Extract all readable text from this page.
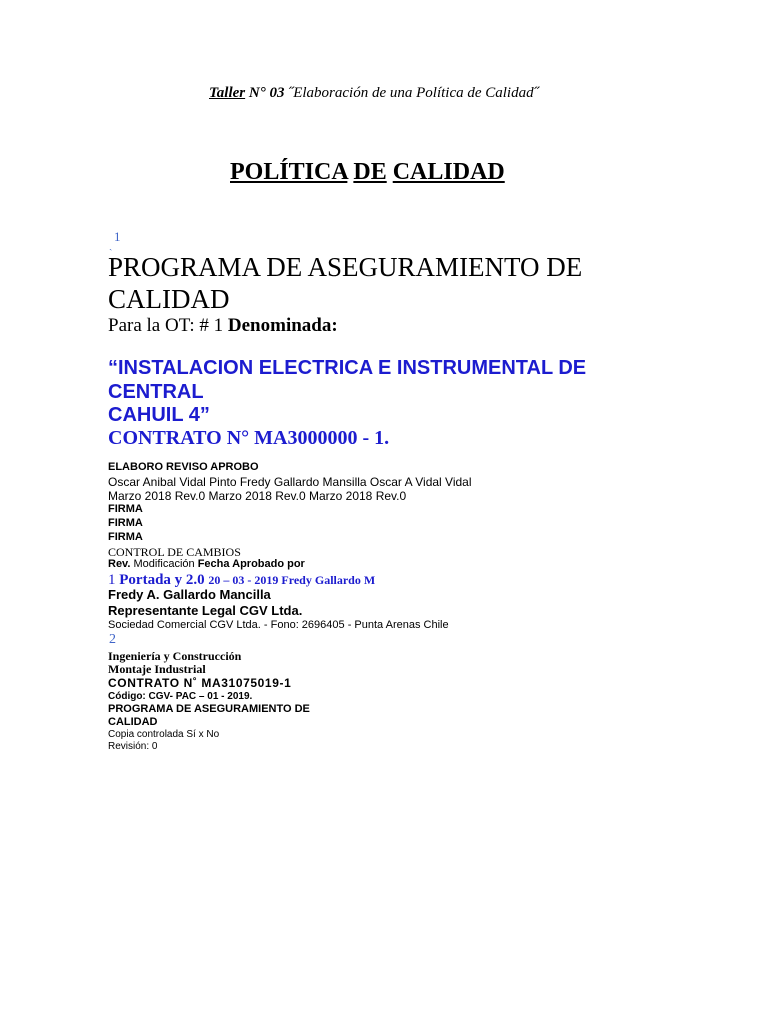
Taller N° 03 ˝Elaboración de una Política de Calidad˝
POLÍTICA DE CALIDAD
1
ˎ
PROGRAMA DE ASEGURAMIENTO DE
CALIDAD
Para la OT: # 1 Denominada:
“INSTALACION ELECTRICA E INSTRUMENTAL DE
CENTRAL
CAHUIL 4”
CONTRATO N° MA3000000 - 1.
ELABORO REVISO APROBO
Oscar Anibal Vidal Pinto Fredy Gallardo Mansilla Oscar A Vidal Vidal
Marzo 2018 Rev.0 Marzo 2018 Rev.0 Marzo 2018 Rev.0
FIRMA
FIRMA
FIRMA
CONTROL DE CAMBIOS
Rev. Modificación Fecha Aprobado por
1 Portada y 2.0 20 – 03 - 2019 Fredy Gallardo M
Fredy A. Gallardo Mancilla
Representante Legal CGV Ltda.
Sociedad Comercial CGV Ltda. - Fono: 2696405 - Punta Arenas Chile
2
Ingeniería y Construcción
Montaje Industrial
CONTRATO N˚ MA31075019-1
Código: CGV- PAC – 01 - 2019.
PROGRAMA DE ASEGURAMIENTO DE
CALIDAD
Copia controlada Sí x No
Revisión: 0
